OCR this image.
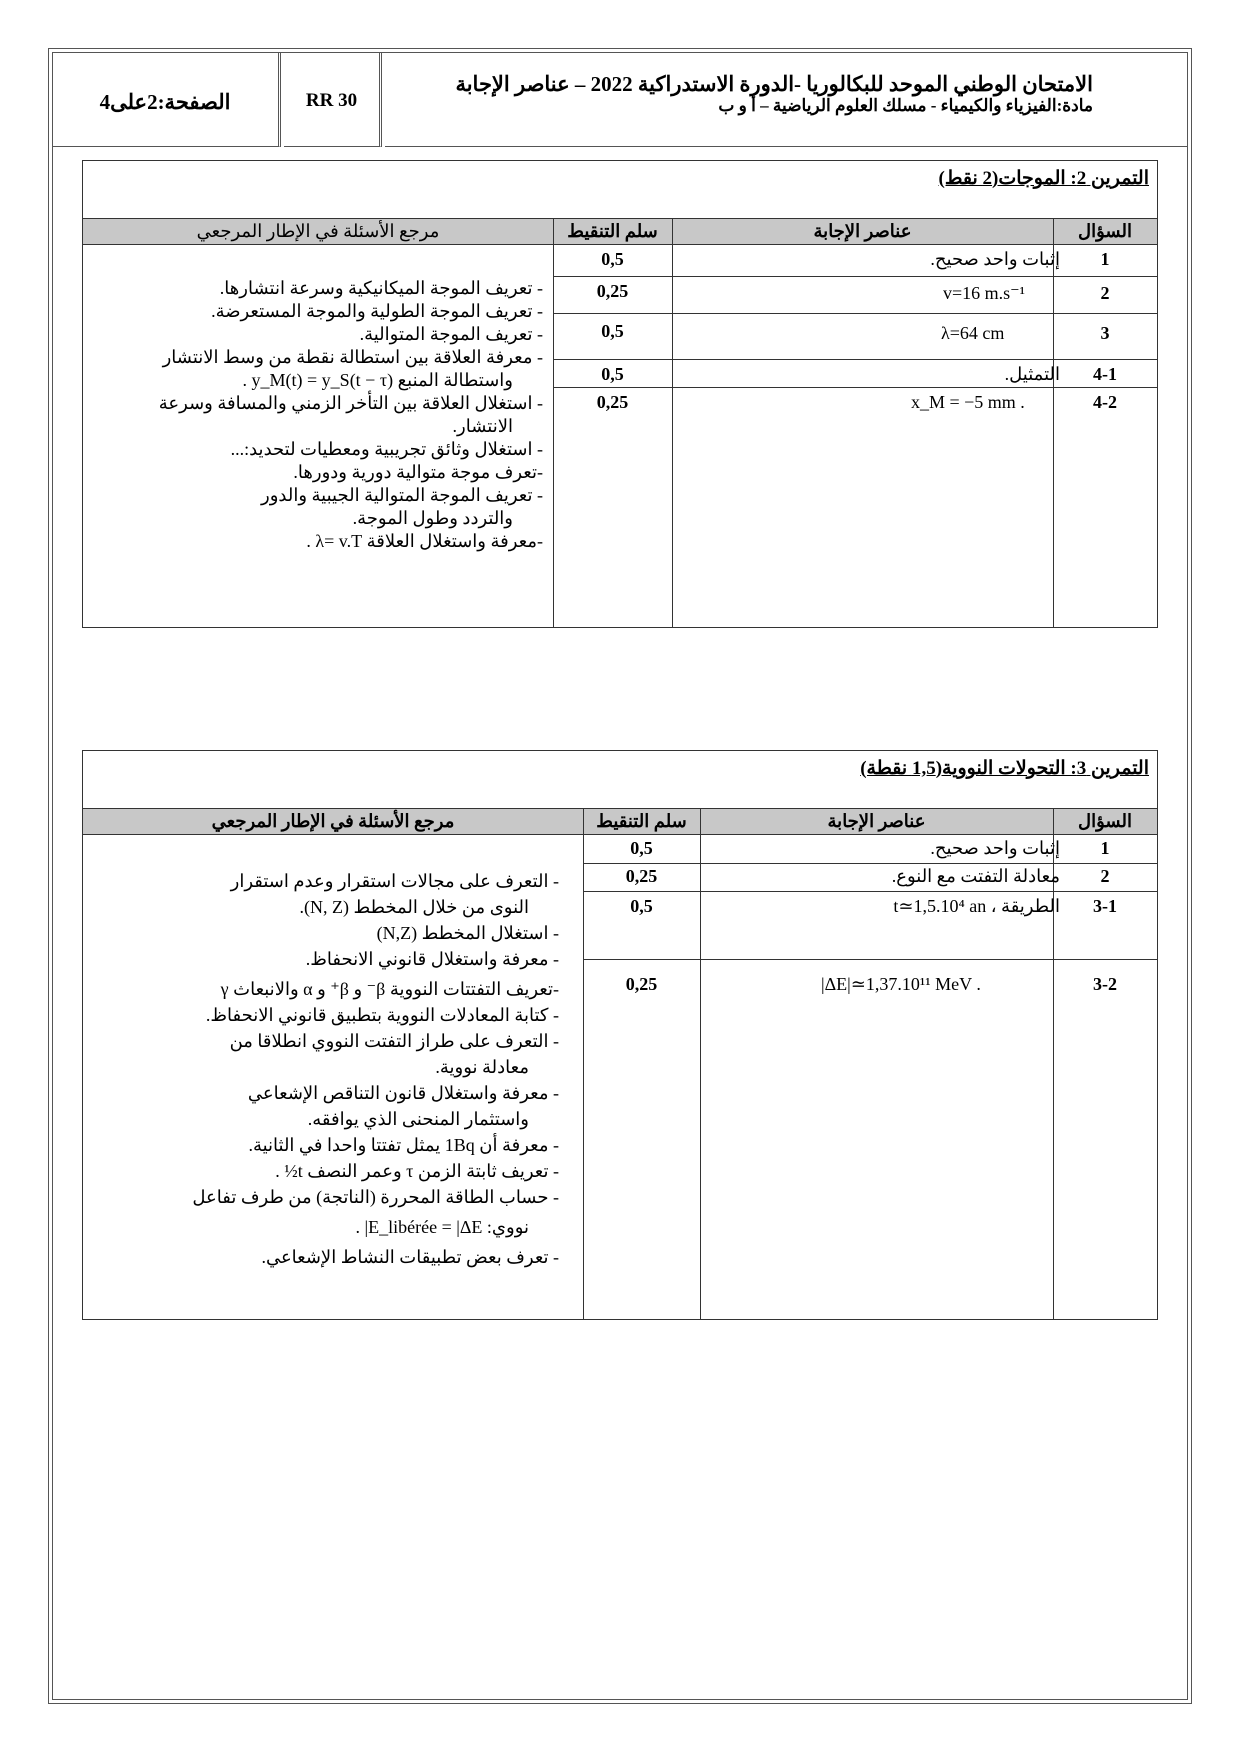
الصفحة:2على4	RR 30
الامتحان الوطني الموحد للبكالوريا -الدورة الاستدراكية 2022 – عناصر الإجابة
مادة:الفيزياء والكيمياء - مسلك العلوم الرياضية – أ و ب
التمرين 2: الموجات(2 نقط)
السؤال
عناصر الإجابة
سلم التنقيط
مرجع الأسئلة في الإطار المرجعي
1
إثبات واحد صحيح.
0,5
2
v=16 m.s⁻¹
0,25
3
λ=64 cm
0,5
4-1
التمثيل.
0,5
4-2
x_M = −5 mm .
0,25
- تعريف الموجة الميكانيكية وسرعة انتشارها.
- تعريف الموجة الطولية والموجة المستعرضة.
- تعريف الموجة المتوالية.
- معرفة العلاقة بين استطالة نقطة من وسط الانتشار
واستطالة المنبع y_M(t) = y_S(t − τ) .
- استغلال العلاقة بين التأخر الزمني والمسافة وسرعة
الانتشار.
- استغلال وثائق تجريبية ومعطيات لتحديد:...
-تعرف موجة متوالية دورية ودورها.
- تعريف الموجة المتوالية الجيبية والدور
والتردد وطول الموجة.
-معرفة واستغلال العلاقة λ= v.T .
التمرين 3: التحولات النووية(1,5 نقطة)
السؤال
عناصر الإجابة
سلم التنقيط
مرجع الأسئلة في الإطار المرجعي
1
إثبات واحد صحيح.
0,5
2
معادلة التفتت مع النوع.
0,25
3-1
الطريقة ، t≃1,5.10⁴ an
0,5
3-2
|ΔE|≃1,37.10¹¹ MeV .
0,25
- التعرف على مجالات استقرار وعدم استقرار
النوى من خلال المخطط (N, Z).
- استغلال المخطط (N,Z)
- معرفة واستغلال قانوني الانحفاظ.
-تعريف التفتتات النووية β⁻ و β⁺ و α والانبعاث γ
- كتابة المعادلات النووية بتطبيق قانوني الانحفاظ.
- التعرف على طراز التفتت النووي انطلاقا من
معادلة نووية.
- معرفة واستغلال قانون التناقص الإشعاعي
واستثمار المنحنى الذي يوافقه.
- معرفة أن 1Bq يمثل تفتتا واحدا في الثانية.
- تعريف ثابتة الزمن τ وعمر النصف t½ .
- حساب الطاقة المحررة (الناتجة) من طرف تفاعل
نووي: E_libérée = |ΔE| .
- تعرف بعض تطبيقات النشاط الإشعاعي.
